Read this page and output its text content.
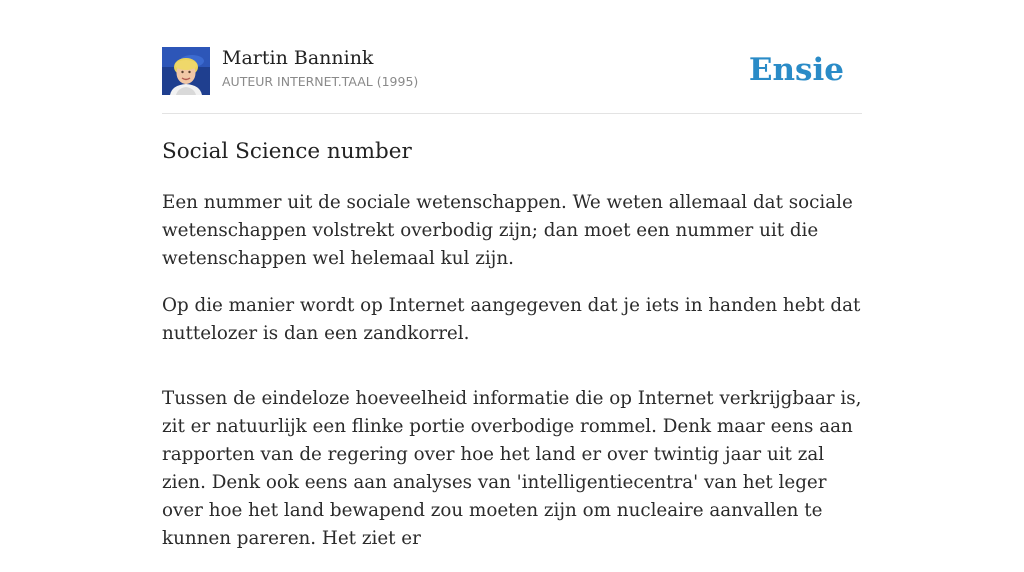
Martin Bannink
AUTEUR INTERNET.TAAL (1995)	Ensie
Social Science number

Een nummer uit de sociale wetenschappen. We weten allemaal dat sociale wetenschappen volstrekt overbodig zijn; dan moet een nummer uit die wetenschappen wel helemaal kul zijn.

Op die manier wordt op Internet aangegeven dat je iets in handen hebt dat nuttelozer is dan een zandkorrel.

Tussen de eindeloze hoeveelheid informatie die op Internet verkrijgbaar is, zit er natuurlijk een flinke portie overbodige rommel. Denk maar eens aan rapporten van de regering over hoe het land er over twintig jaar uit zal zien. Denk ook eens aan analyses van 'intelligentiecentra' van het leger over hoe het land bewapend zou moeten zijn om nucleaire aanvallen te kunnen pareren. Het ziet er
